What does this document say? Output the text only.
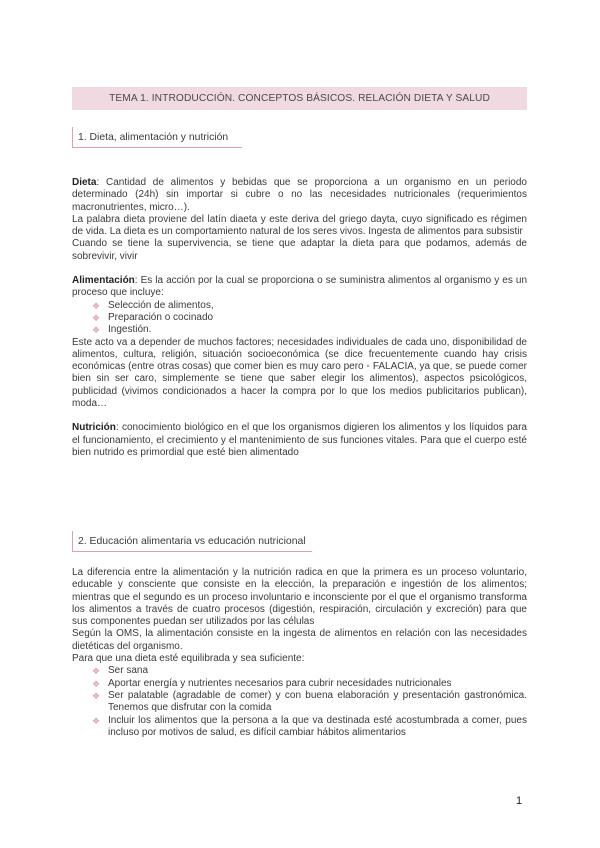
TEMA 1. INTRODUCCIÓN. CONCEPTOS BÁSICOS. RELACIÓN DIETA Y SALUD
1. Dieta, alimentación y nutrición

Dieta: Cantidad de alimentos y bebidas que se proporciona a un organismo en un periodo determinado (24h) sin importar si cubre o no las necesidades nutricionales (requerimientos macronutrientes, micro…).

La palabra dieta proviene del latín diaeta y este deriva del griego dayta, cuyo significado es régimen de vida. La dieta es un comportamiento natural de los seres vivos. Ingesta de alimentos para subsistir

Cuando se tiene la supervivencia, se tiene que adaptar la dieta para que podamos, además de sobrevivir, vivir

Alimentación: Es la acción por la cual se proporciona o se suministra alimentos al organismo y es un proceso que incluye:

❖ Selección de alimentos,
❖ Preparación o cocinado
❖ Ingestión.

Este acto va a depender de muchos factores; necesidades individuales de cada uno, disponibilidad de alimentos, cultura, religión, situación socioeconómica (se dice frecuentemente cuando hay crisis económicas (entre otras cosas) que comer bien es muy caro pero ◦ FALACIA, ya que, se puede comer bien sin ser caro, simplemente se tiene que saber elegir los alimentos), aspectos psicológicos, publicidad (vivimos condicionados a hacer la compra por lo que los medios publicitarios publican), moda…

Nutrición: conocimiento biológico en el que los organismos digieren los alimentos y los líquidos para el funcionamiento, el crecimiento y el mantenimiento de sus funciones vitales. Para que el cuerpo esté bien nutrido es primordial que esté bien alimentado

2. Educación alimentaria vs educación nutricional

La diferencia entre la alimentación y la nutrición radica en que la primera es un proceso voluntario, educable y consciente que consiste en la elección, la preparación e ingestión de los alimentos; mientras que el segundo es un proceso involuntario e inconsciente por el que el organismo transforma los alimentos a través de cuatro procesos (digestión, respiración, circulación y excreción) para que sus componentes puedan ser utilizados por las células

Según la OMS, la alimentación consiste en la ingesta de alimentos en relación con las necesidades dietéticas del organismo.

Para que una dieta esté equilibrada y sea suficiente:

❖ Ser sana
❖ Aportar energía y nutrientes necesarios para cubrir necesidades nutricionales
❖ Ser palatable (agradable de comer) y con buena elaboración y presentación gastronómica. Tenemos que disfrutar con la comida
❖ Incluir los alimentos que la persona a la que va destinada esté acostumbrada a comer, pues incluso por motivos de salud, es difícil cambiar hábitos alimentarios
1
